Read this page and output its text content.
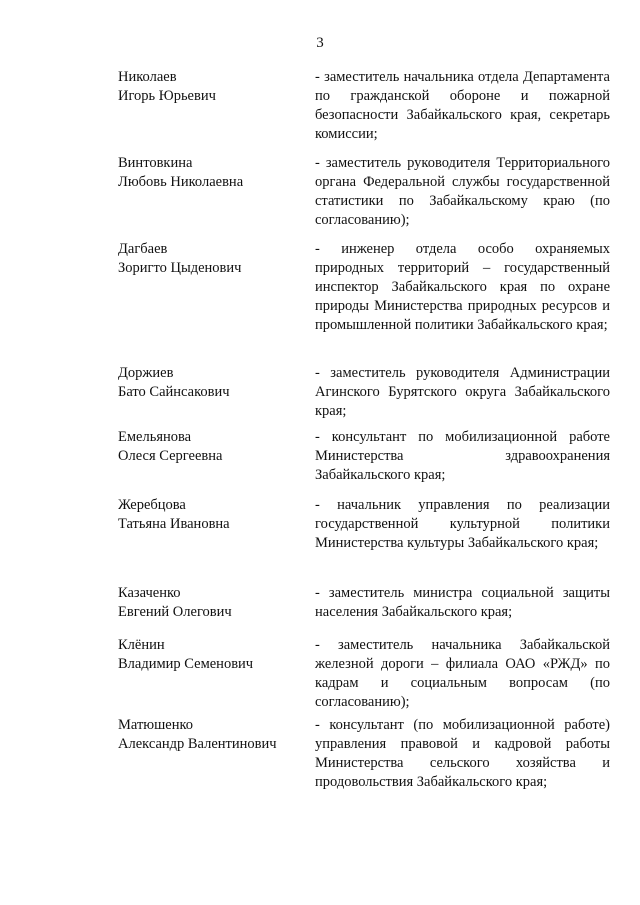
3
Николаев
Игорь Юрьевич
- заместитель начальника отдела Департамента по гражданской обороне и пожарной безопасности Забайкальского края, секретарь комиссии;
Винтовкина
Любовь Николаевна
- заместитель руководителя Территориального органа Федеральной службы государственной статистики по Забайкальскому краю (по согласованию);
Дагбаев
Зоригто Цыденович
- инженер отдела особо охраняемых природных территорий – государственный инспектор Забайкальского края по охране природы Министерства природных ресурсов и промышленной политики Забайкальского края;
Доржиев
Бато Сайнсакович
- заместитель руководителя Администрации Агинского Бурятского округа Забайкальского края;
Емельянова
Олеся Сергеевна
- консультант по мобилизационной работе Министерства здравоохранения Забайкальского края;
Жеребцова
Татьяна Ивановна
- начальник управления по реализации государственной культурной политики Министерства культуры Забайкальского края;
Казаченко
Евгений Олегович
- заместитель министра социальной защиты населения Забайкальского края;
Клёнин
Владимир Семенович
- заместитель начальника Забайкальской железной дороги – филиала ОАО «РЖД» по кадрам и социальным вопросам (по согласованию);
Матюшенко
Александр Валентинович
- консультант (по мобилизационной работе) управления правовой и кадровой работы Министерства сельского хозяйства и продовольствия Забайкальского края;
